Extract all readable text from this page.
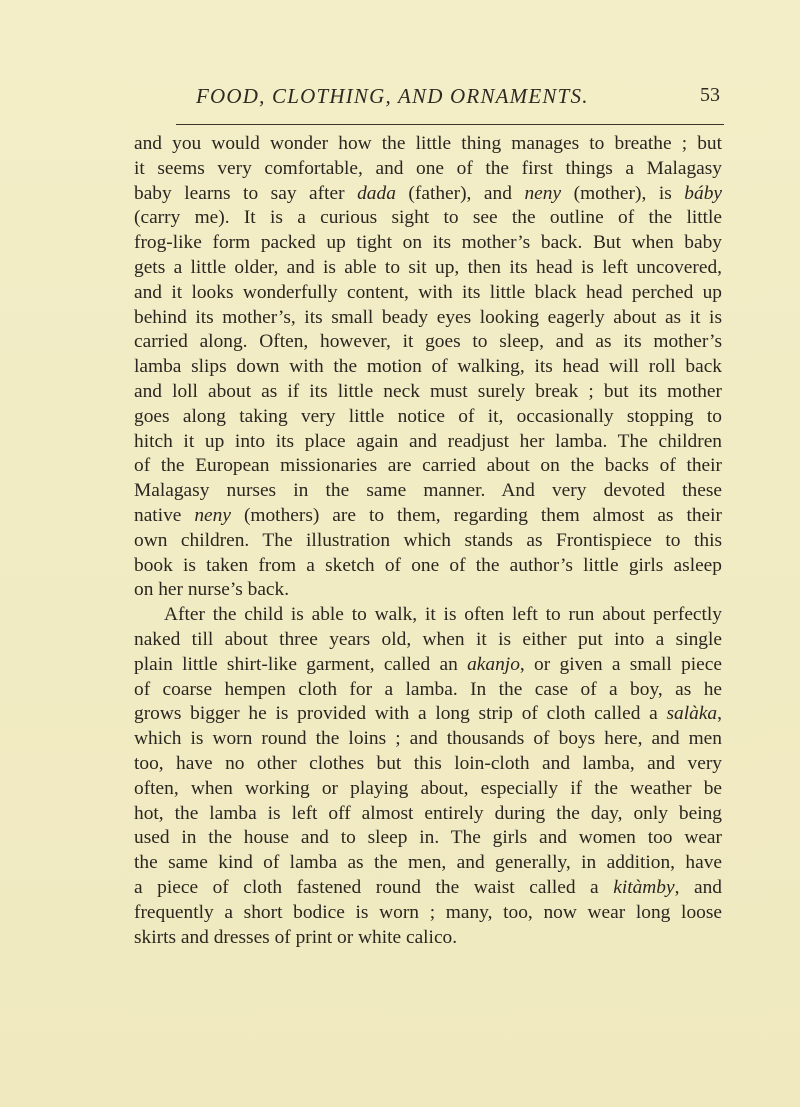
FOOD, CLOTHING, AND ORNAMENTS.	53
and you would wonder how the little thing manages to breathe ; but
it seems very comfortable, and one of the first things a Malagasy
baby learns to say after dada (father), and neny (mother), is báby
(carry me). It is a curious sight to see the outline of the little
frog-like form packed up tight on its mother’s back. But when baby
gets a little older, and is able to sit up, then its head is left uncovered,
and it looks wonderfully content, with its little black head perched up
behind its mother’s, its small beady eyes looking eagerly about as it is
carried along. Often, however, it goes to sleep, and as its mother’s
lamba slips down with the motion of walking, its head will roll back
and loll about as if its little neck must surely break ; but its mother
goes along taking very little notice of it, occasionally stopping to
hitch it up into its place again and readjust her lamba. The children
of the European missionaries are carried about on the backs of their
Malagasy nurses in the same manner. And very devoted these
native neny (mothers) are to them, regarding them almost as their
own children. The illustration which stands as Frontispiece to this
book is taken from a sketch of one of the author’s little girls asleep
on her nurse’s back.
After the child is able to walk, it is often left to run about perfectly
naked till about three years old, when it is either put into a single
plain little shirt-like garment, called an akanjo, or given a small piece
of coarse hempen cloth for a lamba. In the case of a boy, as he
grows bigger he is provided with a long strip of cloth called a salàka,
which is worn round the loins ; and thousands of boys here, and men
too, have no other clothes but this loin-cloth and lamba, and very
often, when working or playing about, especially if the weather be
hot, the lamba is left off almost entirely during the day, only being
used in the house and to sleep in. The girls and women too wear
the same kind of lamba as the men, and generally, in addition, have
a piece of cloth fastened round the waist called a kitàmby, and
frequently a short bodice is worn ; many, too, now wear long loose
skirts and dresses of print or white calico.
